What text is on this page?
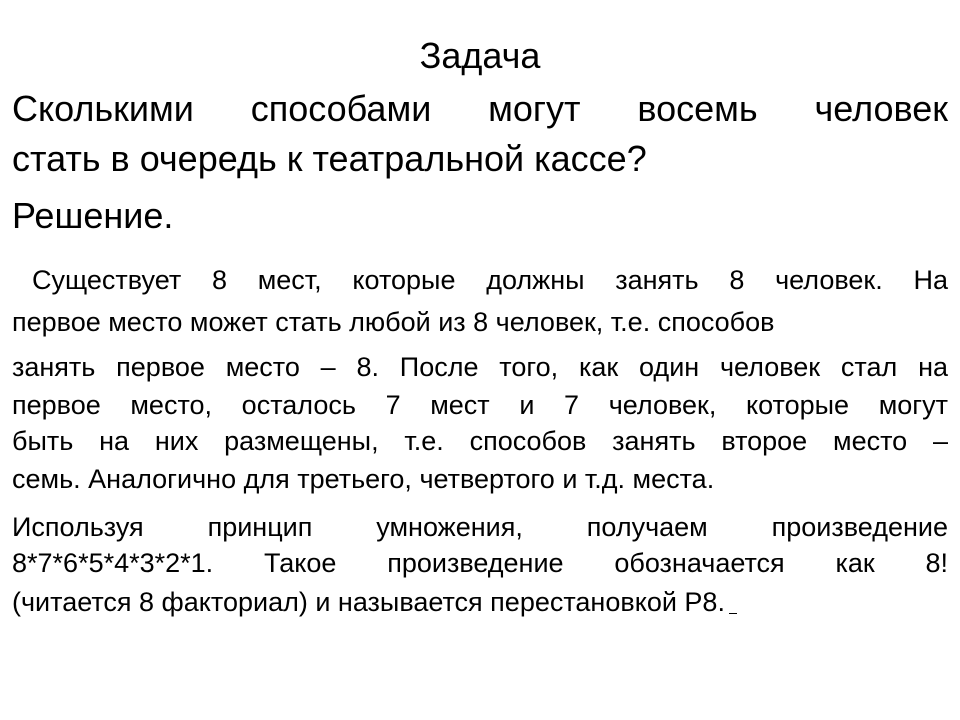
Задача
Сколькими способами могут восемь человек
стать в очередь к театральной кассе?
Решение.
Существует 8 мест, которые должны занять 8 человек. На
первое место может стать любой из 8 человек, т.е. способов
занять первое место – 8. После того, как один человек стал на
первое место, осталось 7 мест и 7 человек, которые могут
быть на них размещены, т.е. способов занять второе место –
семь. Аналогично для третьего, четвертого и т.д. места.
Используя принцип умножения, получаем произведение
8*7*6*5*4*3*2*1. Такое произведение обозначается как 8!
(читается 8 факториал) и называется перестановкой P8.
